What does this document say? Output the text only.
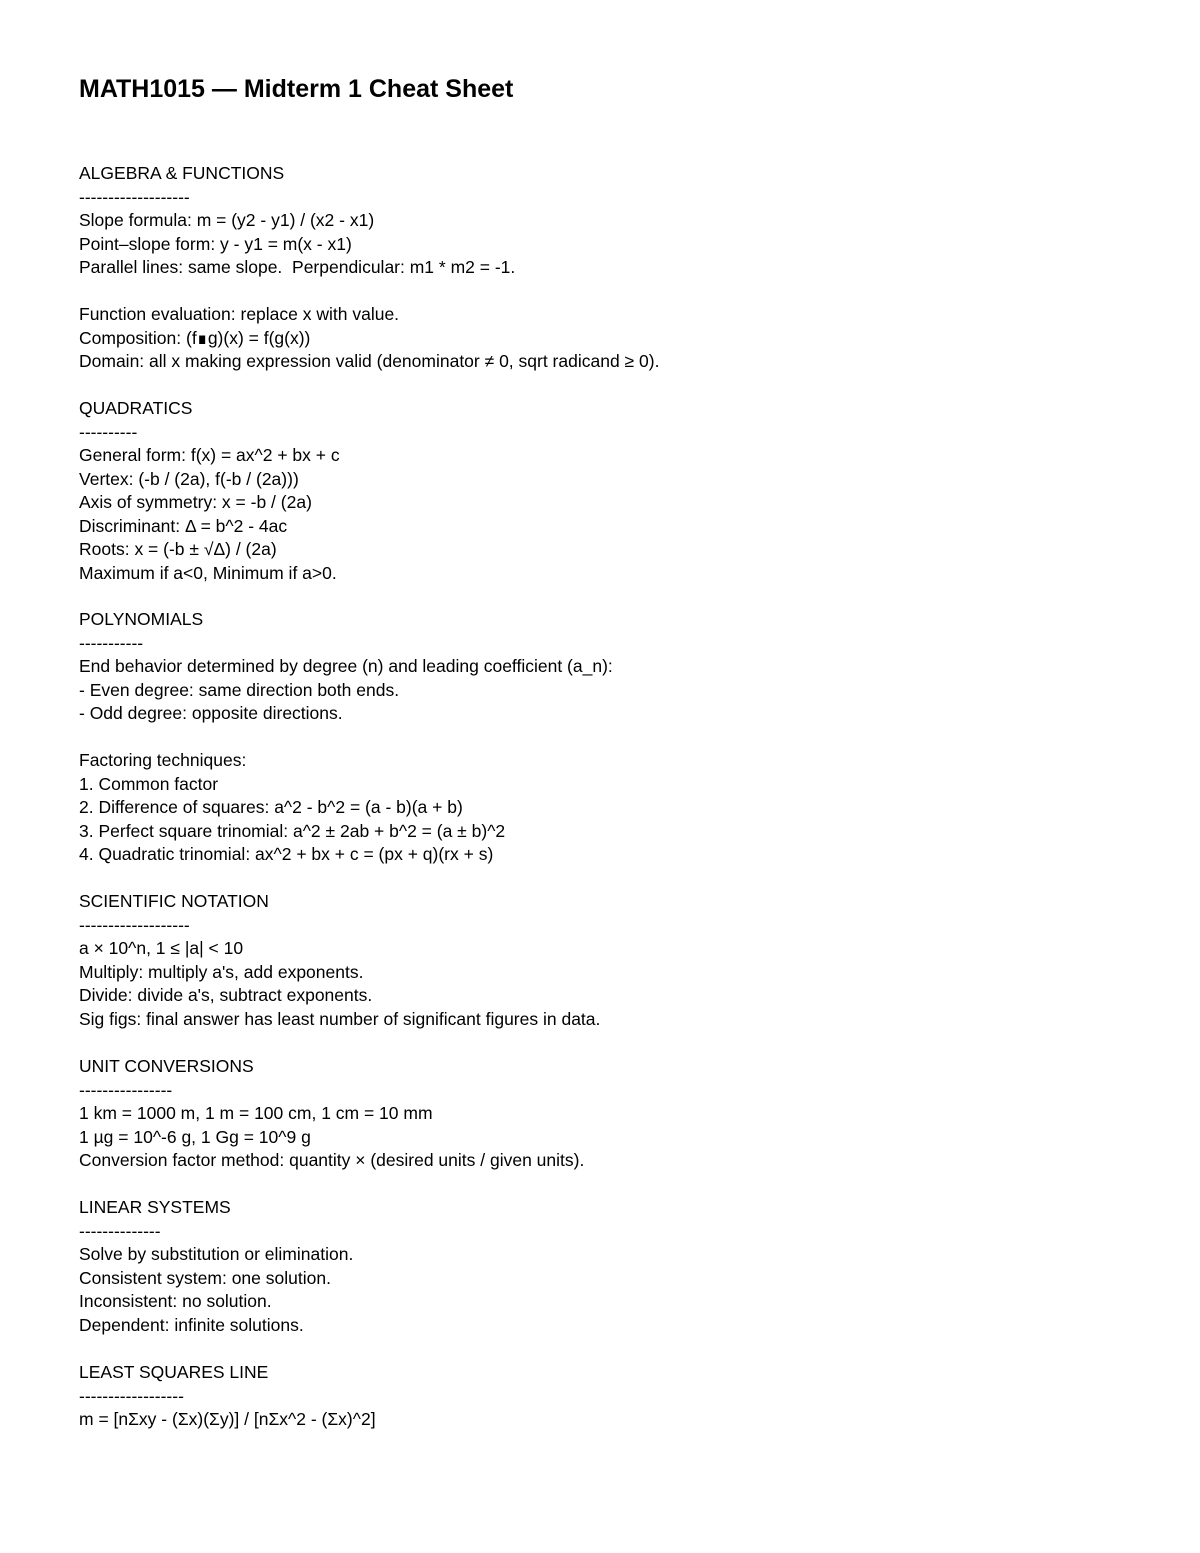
MATH1015 — Midterm 1 Cheat Sheet
ALGEBRA & FUNCTIONS
-------------------
Slope formula: m = (y2 - y1) / (x2 - x1)
Point–slope form: y - y1 = m(x - x1)
Parallel lines: same slope.  Perpendicular: m1 * m2 = -1.
Function evaluation: replace x with value.
Composition: (f∎g)(x) = f(g(x))
Domain: all x making expression valid (denominator ≠ 0, sqrt radicand ≥ 0).
QUADRATICS
----------
General form: f(x) = ax^2 + bx + c
Vertex: (-b / (2a), f(-b / (2a)))
Axis of symmetry: x = -b / (2a)
Discriminant: Δ = b^2 - 4ac
Roots: x = (-b ± √Δ) / (2a)
Maximum if a<0, Minimum if a>0.
POLYNOMIALS
-----------
End behavior determined by degree (n) and leading coefficient (a_n):
- Even degree: same direction both ends.
- Odd degree: opposite directions.
Factoring techniques:
1. Common factor
2. Difference of squares: a^2 - b^2 = (a - b)(a + b)
3. Perfect square trinomial: a^2 ± 2ab + b^2 = (a ± b)^2
4. Quadratic trinomial: ax^2 + bx + c = (px + q)(rx + s)
SCIENTIFIC NOTATION
-------------------
a × 10^n, 1 ≤ |a| < 10
Multiply: multiply a's, add exponents.
Divide: divide a's, subtract exponents.
Sig figs: final answer has least number of significant figures in data.
UNIT CONVERSIONS
----------------
1 km = 1000 m, 1 m = 100 cm, 1 cm = 10 mm
1 µg = 10^-6 g, 1 Gg = 10^9 g
Conversion factor method: quantity × (desired units / given units).
LINEAR SYSTEMS
--------------
Solve by substitution or elimination.
Consistent system: one solution.
Inconsistent: no solution.
Dependent: infinite solutions.
LEAST SQUARES LINE
------------------
m = [nΣxy - (Σx)(Σy)] / [nΣx^2 - (Σx)^2]
